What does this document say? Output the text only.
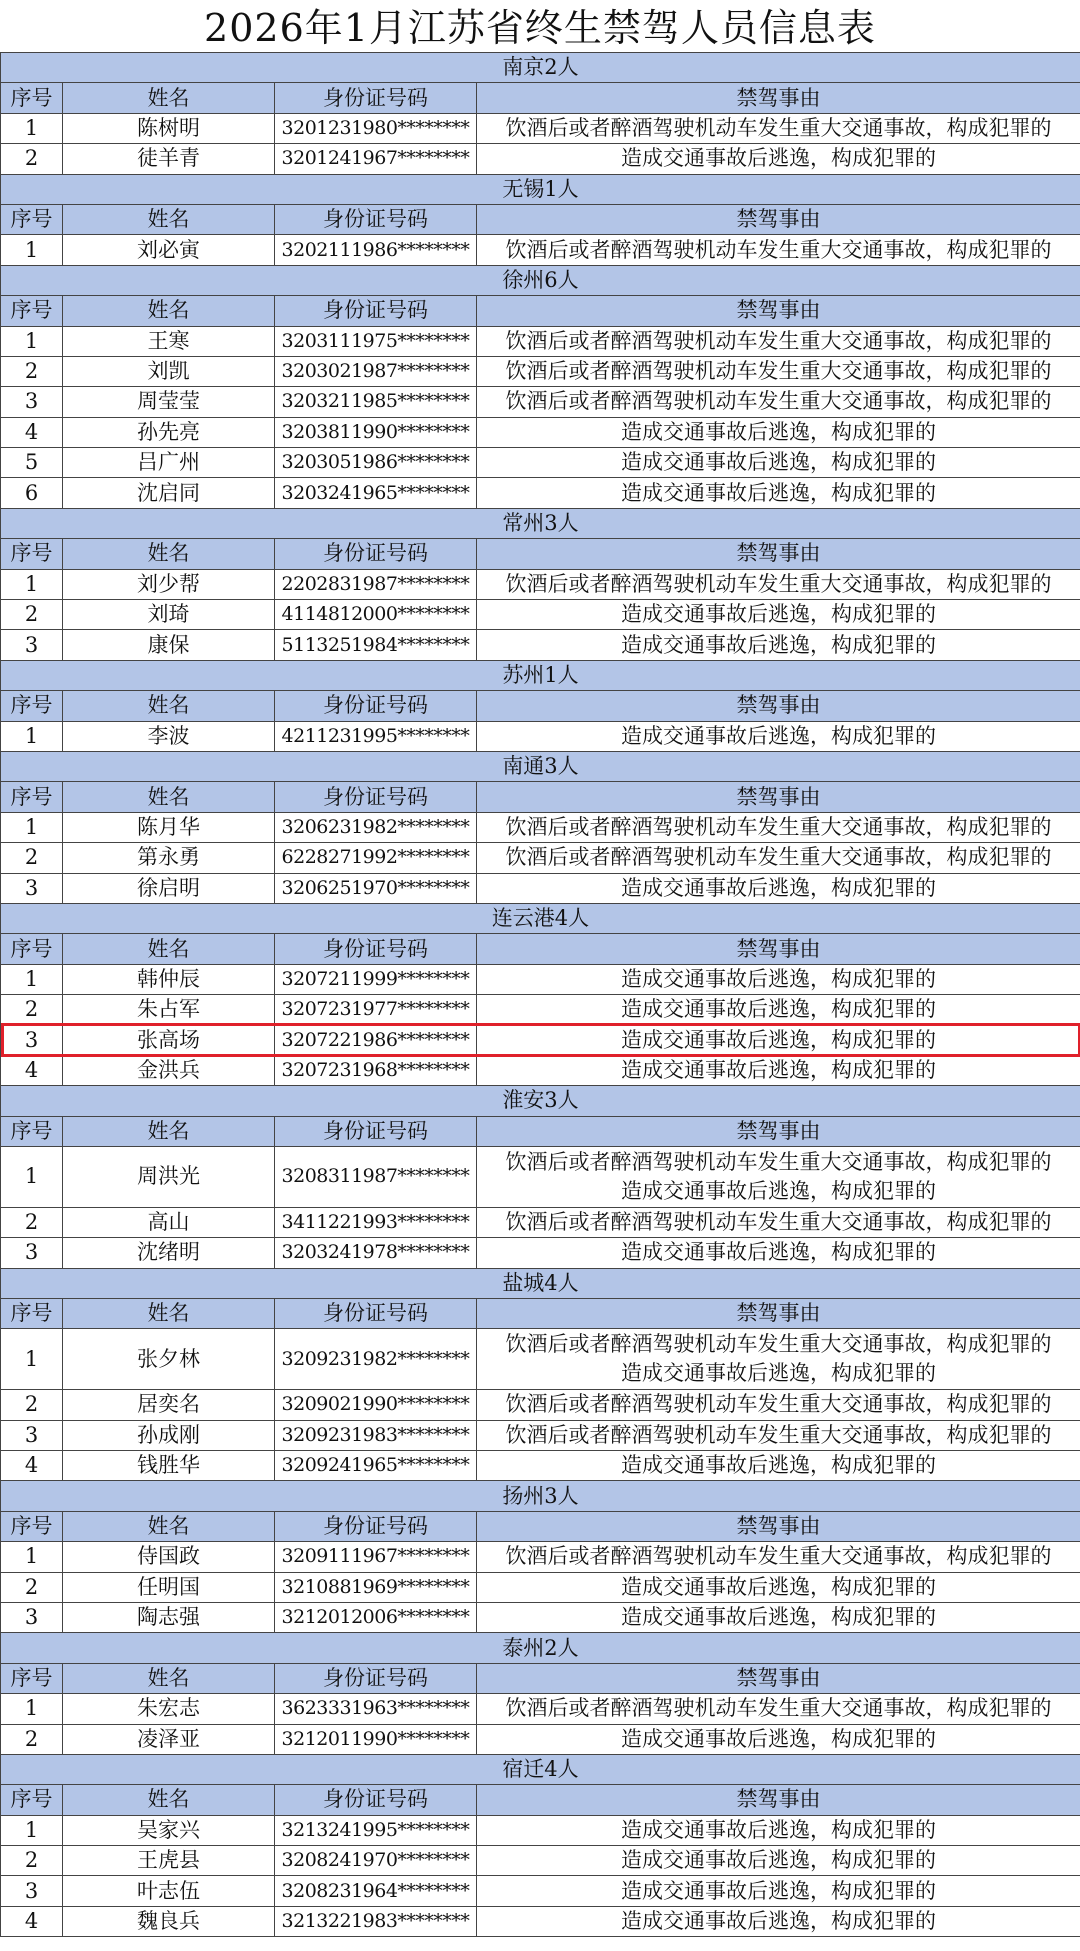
2026年1月江苏省终生禁驾人员信息表
南京2人			
序号	姓名	身份证号码	禁驾事由
1	陈树明	3201231980********	饮酒后或者醉酒驾驶机动车发生重大交通事故，构成犯罪的

2	徒羊青	3201241967********	造成交通事故后逃逸，构成犯罪的

无锡1人			
序号	姓名	身份证号码	禁驾事由
1	刘必寅	3202111986********	饮酒后或者醉酒驾驶机动车发生重大交通事故，构成犯罪的

徐州6人			
序号	姓名	身份证号码	禁驾事由
1	王寒	3203111975********	饮酒后或者醉酒驾驶机动车发生重大交通事故，构成犯罪的

2	刘凯	3203021987********	饮酒后或者醉酒驾驶机动车发生重大交通事故，构成犯罪的

3	周莹莹	3203211985********	饮酒后或者醉酒驾驶机动车发生重大交通事故，构成犯罪的

4	孙先亮	3203811990********	造成交通事故后逃逸，构成犯罪的

5	吕广州	3203051986********	造成交通事故后逃逸，构成犯罪的

6	沈启同	3203241965********	造成交通事故后逃逸，构成犯罪的

常州3人			
序号	姓名	身份证号码	禁驾事由
1	刘少帮	2202831987********	饮酒后或者醉酒驾驶机动车发生重大交通事故，构成犯罪的

2	刘琦	4114812000********	造成交通事故后逃逸，构成犯罪的

3	康保	5113251984********	造成交通事故后逃逸，构成犯罪的

苏州1人			
序号	姓名	身份证号码	禁驾事由
1	李波	4211231995********	造成交通事故后逃逸，构成犯罪的

南通3人			
序号	姓名	身份证号码	禁驾事由
1	陈月华	3206231982********	饮酒后或者醉酒驾驶机动车发生重大交通事故，构成犯罪的

2	第永勇	6228271992********	饮酒后或者醉酒驾驶机动车发生重大交通事故，构成犯罪的

3	徐启明	3206251970********	造成交通事故后逃逸，构成犯罪的

连云港4人			
序号	姓名	身份证号码	禁驾事由
1	韩仲辰	3207211999********	造成交通事故后逃逸，构成犯罪的

2	朱占军	3207231977********	造成交通事故后逃逸，构成犯罪的

3	张高场	3207221986********	造成交通事故后逃逸，构成犯罪的

4	金洪兵	3207231968********	造成交通事故后逃逸，构成犯罪的

淮安3人			
序号	姓名	身份证号码	禁驾事由
1	周洪光	3208311987********	饮酒后或者醉酒驾驶机动车发生重大交通事故，构成犯罪的
造成交通事故后逃逸，构成犯罪的

2	高山	3411221993********	饮酒后或者醉酒驾驶机动车发生重大交通事故，构成犯罪的

3	沈绪明	3203241978********	造成交通事故后逃逸，构成犯罪的

盐城4人			
序号	姓名	身份证号码	禁驾事由
1	张夕林	3209231982********	饮酒后或者醉酒驾驶机动车发生重大交通事故，构成犯罪的
造成交通事故后逃逸，构成犯罪的

2	居奕名	3209021990********	饮酒后或者醉酒驾驶机动车发生重大交通事故，构成犯罪的

3	孙成刚	3209231983********	饮酒后或者醉酒驾驶机动车发生重大交通事故，构成犯罪的

4	钱胜华	3209241965********	造成交通事故后逃逸，构成犯罪的

扬州3人			
序号	姓名	身份证号码	禁驾事由
1	侍国政	3209111967********	饮酒后或者醉酒驾驶机动车发生重大交通事故，构成犯罪的

2	任明国	3210881969********	造成交通事故后逃逸，构成犯罪的

3	陶志强	3212012006********	造成交通事故后逃逸，构成犯罪的

泰州2人			
序号	姓名	身份证号码	禁驾事由
1	朱宏志	3623331963********	饮酒后或者醉酒驾驶机动车发生重大交通事故，构成犯罪的

2	凌泽亚	3212011990********	造成交通事故后逃逸，构成犯罪的

宿迁4人			
序号	姓名	身份证号码	禁驾事由
1	吴家兴	3213241995********	造成交通事故后逃逸，构成犯罪的

2	王虎县	3208241970********	造成交通事故后逃逸，构成犯罪的

3	叶志伍	3208231964********	造成交通事故后逃逸，构成犯罪的

4	魏良兵	3213221983********	造成交通事故后逃逸，构成犯罪的
